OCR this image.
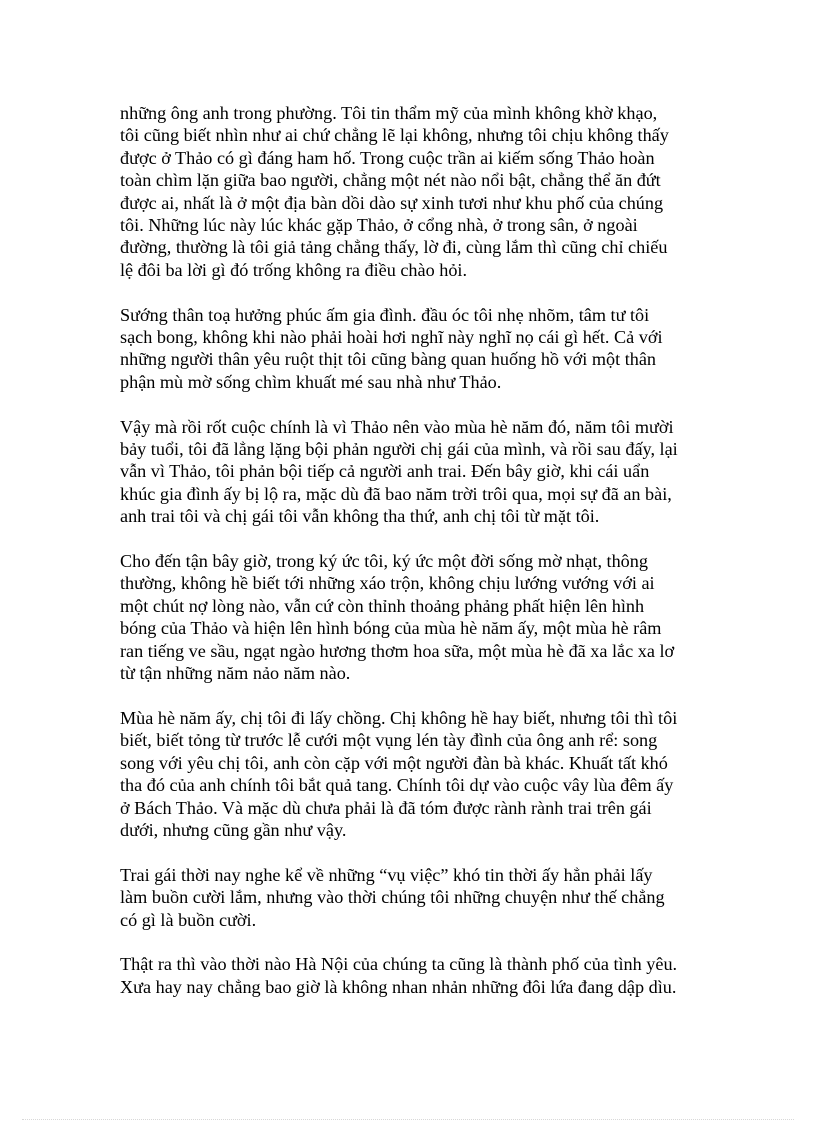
những ông anh trong phường. Tôi tin thẩm mỹ của mình không khờ khạo,
tôi cũng biết nhìn như ai chứ chẳng lẽ lại không, nhưng tôi chịu không thấy
được ở Thảo có gì đáng ham hố. Trong cuộc trần ai kiếm sống Thảo hoàn
toàn chìm lặn giữa bao người, chẳng một nét nào nổi bật, chẳng thể ăn đứt
được ai, nhất là ở một địa bàn dồi dào sự xinh tươi như khu phố của chúng
tôi. Những lúc này lúc khác gặp Thảo, ở cổng nhà, ở trong sân, ở ngoài
đường, thường là tôi giả tảng chẳng thấy, lờ đi, cùng lắm thì cũng chỉ chiếu
lệ đôi ba lời gì đó trống không ra điều chào hỏi.

Sướng thân toạ hưởng phúc ấm gia đình. đầu óc tôi nhẹ nhõm, tâm tư tôi
sạch bong, không khi nào phải hoài hơi nghĩ này nghĩ nọ cái gì hết. Cả với
những người thân yêu ruột thịt tôi cũng bàng quan huống hồ với một thân
phận mù mờ sống chìm khuất mé sau nhà như Thảo.

Vậy mà rồi rốt cuộc chính là vì Thảo nên vào mùa hè năm đó, năm tôi mười
bảy tuổi, tôi đã lẳng lặng bội phản người chị gái của mình, và rồi sau đấy, lại
vẫn vì Thảo, tôi phản bội tiếp cả người anh trai. Đến bây giờ, khi cái uẩn
khúc gia đình ấy bị lộ ra, mặc dù đã bao năm trời trôi qua, mọi sự đã an bài,
anh trai tôi và chị gái tôi vẫn không tha thứ, anh chị tôi từ mặt tôi.

Cho đến tận bây giờ, trong ký ức tôi, ký ức một đời sống mờ nhạt, thông
thường, không hề biết tới những xáo trộn, không chịu lướng vướng với ai
một chút nợ lòng nào, vẫn cứ còn thỉnh thoảng phảng phất hiện lên hình
bóng của Thảo và hiện lên hình bóng của mùa hè năm ấy, một mùa hè râm
ran tiếng ve sầu, ngạt ngào hương thơm hoa sữa, một mùa hè đã xa lắc xa lơ
từ tận những năm nảo năm nào.

Mùa hè năm ấy, chị tôi đi lấy chồng. Chị không hề hay biết, nhưng tôi thì tôi
biết, biết tỏng từ trước lễ cưới một vụng lén tày đình của ông anh rể: song
song với yêu chị tôi, anh còn cặp với một người đàn bà khác. Khuất tất khó
tha đó của anh chính tôi bắt quả tang. Chính tôi dự vào cuộc vây lùa đêm ấy
ở Bách Thảo. Và mặc dù chưa phải là đã tóm được rành rành trai trên gái
dưới, nhưng cũng gần như vậy.

Trai gái thời nay nghe kể về những “vụ việc” khó tin thời ấy hẳn phải lấy
làm buồn cười lắm, nhưng vào thời chúng tôi những chuyện như thế chẳng
có gì là buồn cười.

Thật ra thì vào thời nào Hà Nội của chúng ta cũng là thành phố của tình yêu.
Xưa hay nay chẳng bao giờ là không nhan nhản những đôi lứa đang dập dìu.
